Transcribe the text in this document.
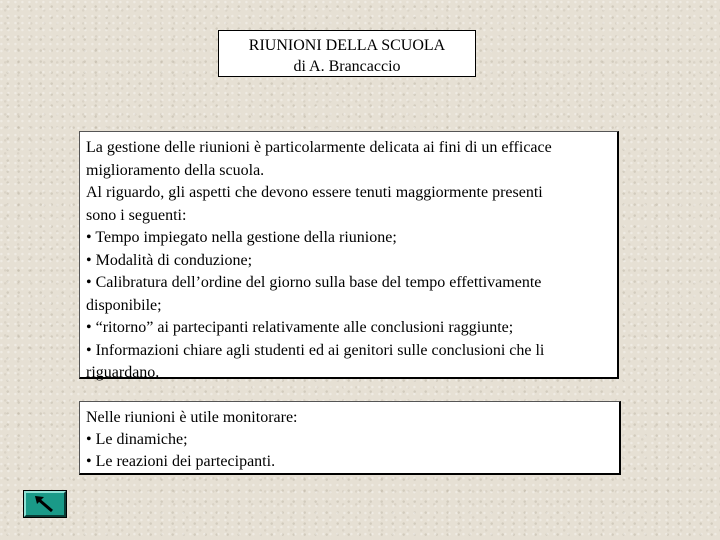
RIUNIONI DELLA SCUOLA
di A. Brancaccio
La gestione delle riunioni è particolarmente delicata ai fini di un efficace
miglioramento della scuola.
Al riguardo, gli aspetti che devono essere tenuti maggiormente presenti
sono i seguenti:
• Tempo impiegato nella gestione della riunione;
• Modalità di conduzione;
• Calibratura dell’ordine del giorno sulla base del tempo effettivamente
disponibile;
• “ritorno” ai partecipanti relativamente alle conclusioni raggiunte;
• Informazioni chiare agli studenti ed ai genitori sulle conclusioni che li
riguardano.
Nelle riunioni è utile monitorare:
• Le dinamiche;
• Le reazioni dei partecipanti.
